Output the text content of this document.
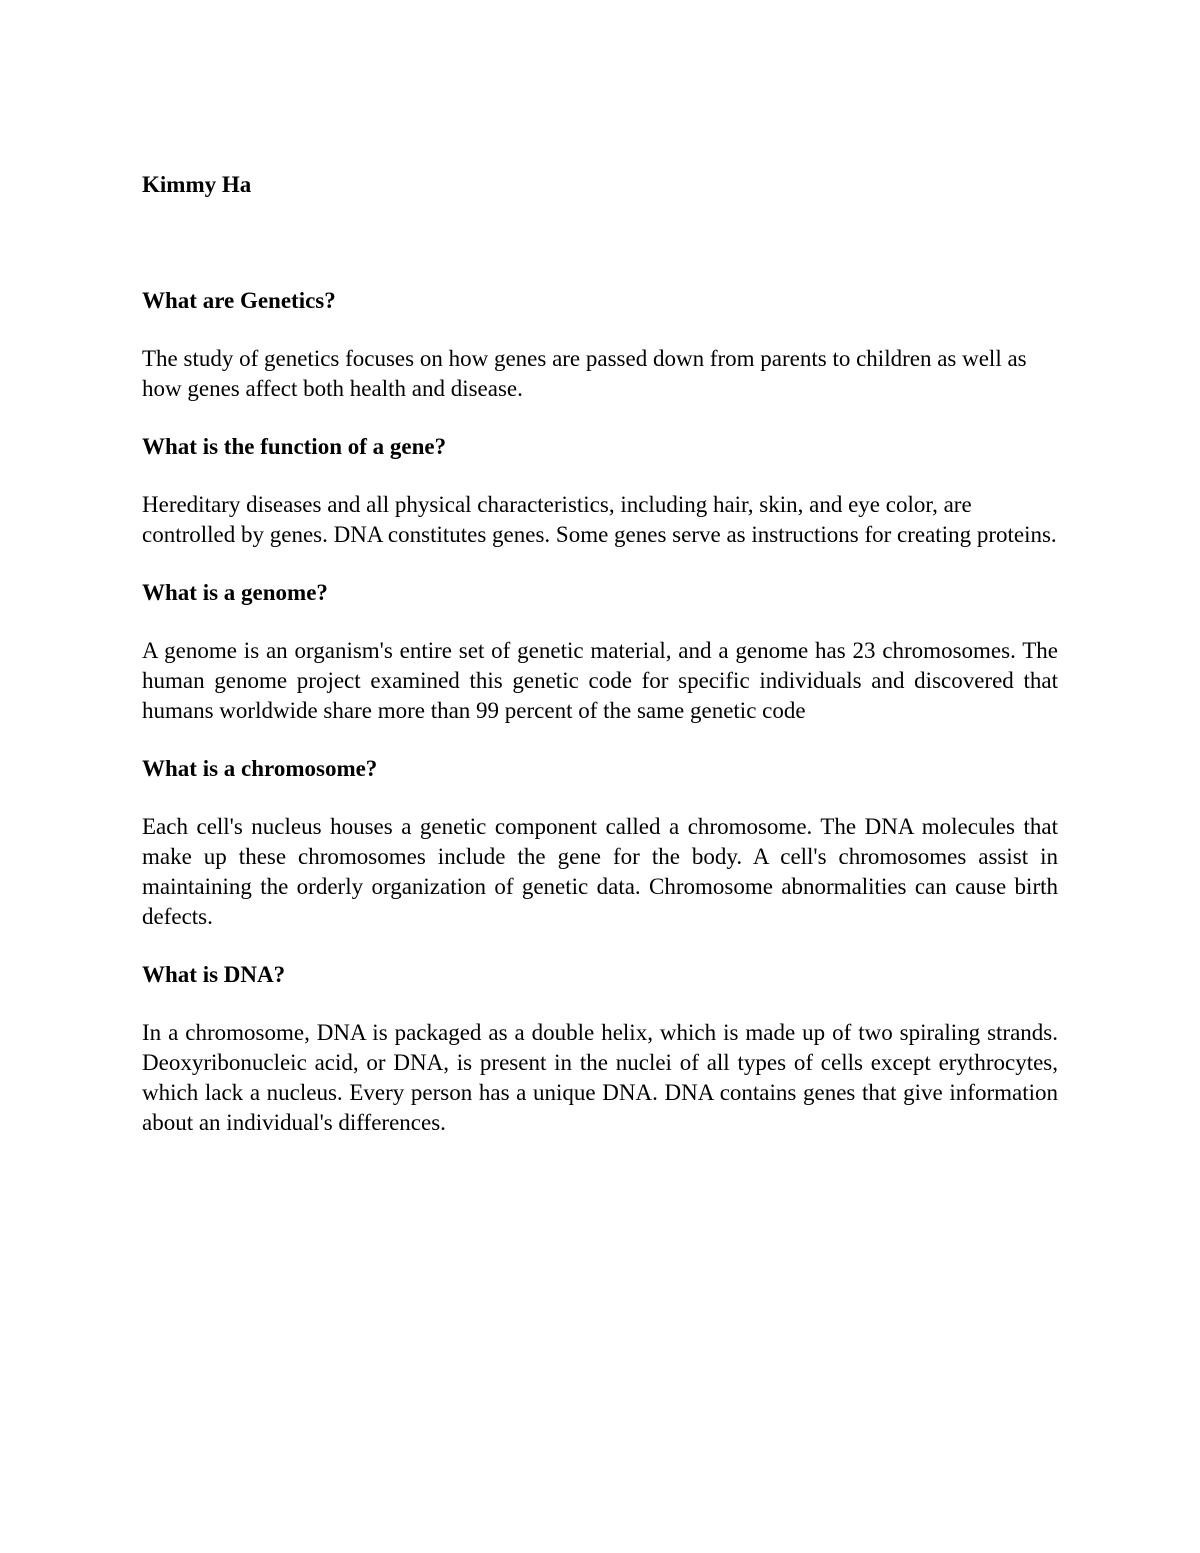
Kimmy Ha

What are Genetics?

The study of genetics focuses on how genes are passed down from parents to children as well as how genes affect both health and disease.

What is the function of a gene?

Hereditary diseases and all physical characteristics, including hair, skin, and eye color, are controlled by genes. DNA constitutes genes. Some genes serve as instructions for creating proteins.

What is a genome?

A genome is an organism's entire set of genetic material, and a genome has 23 chromosomes. The human genome project examined this genetic code for specific individuals and discovered that humans worldwide share more than 99 percent of the same genetic code

What is a chromosome?

Each cell's nucleus houses a genetic component called a chromosome. The DNA molecules that make up these chromosomes include the gene for the body. A cell's chromosomes assist in maintaining the orderly organization of genetic data. Chromosome abnormalities can cause birth defects.

What is DNA?

In a chromosome, DNA is packaged as a double helix, which is made up of two spiraling strands. Deoxyribonucleic acid, or DNA, is present in the nuclei of all types of cells except erythrocytes, which lack a nucleus. Every person has a unique DNA. DNA contains genes that give information about an individual's differences.
